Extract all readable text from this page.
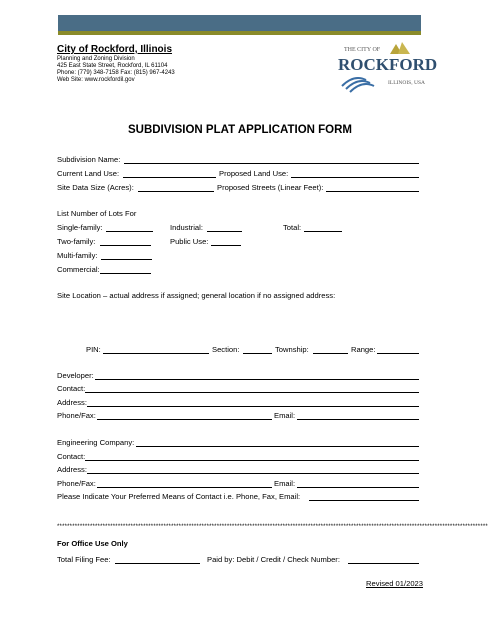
City of Rockford, Illinois
Planning and Zoning Division
425 East State Street, Rockford, IL 61104
Phone: (779) 348-7158 Fax: (815) 967-4243
Web Site: www.rockfordil.gov
THE CITY OF
ROCKFORD
ILLINOIS, USA
SUBDIVISION PLAT APPLICATION FORM
Subdivision Name:
Current Land Use:	Proposed Land Use:
Site Data Size (Acres):	Proposed Streets (Linear Feet):
List Number of Lots For
Single-family:	Industrial:	Total:
Two-family:	Public Use:
Multi-family:
Commercial:
Site Location – actual address if assigned; general location if no assigned address:
PIN:	Section:	Township:	Range:
Developer:
Contact:
Address:
Phone/Fax:	Email:
Engineering Company:
Contact:
Address:
Phone/Fax:	Email:
Please Indicate Your Preferred Means of Contact i.e. Phone, Fax, Email:
**************************************************************************************************************************************************************************
For Office Use Only
Total Filing Fee:	Paid by: Debit / Credit / Check Number:
Revised 01/2023
